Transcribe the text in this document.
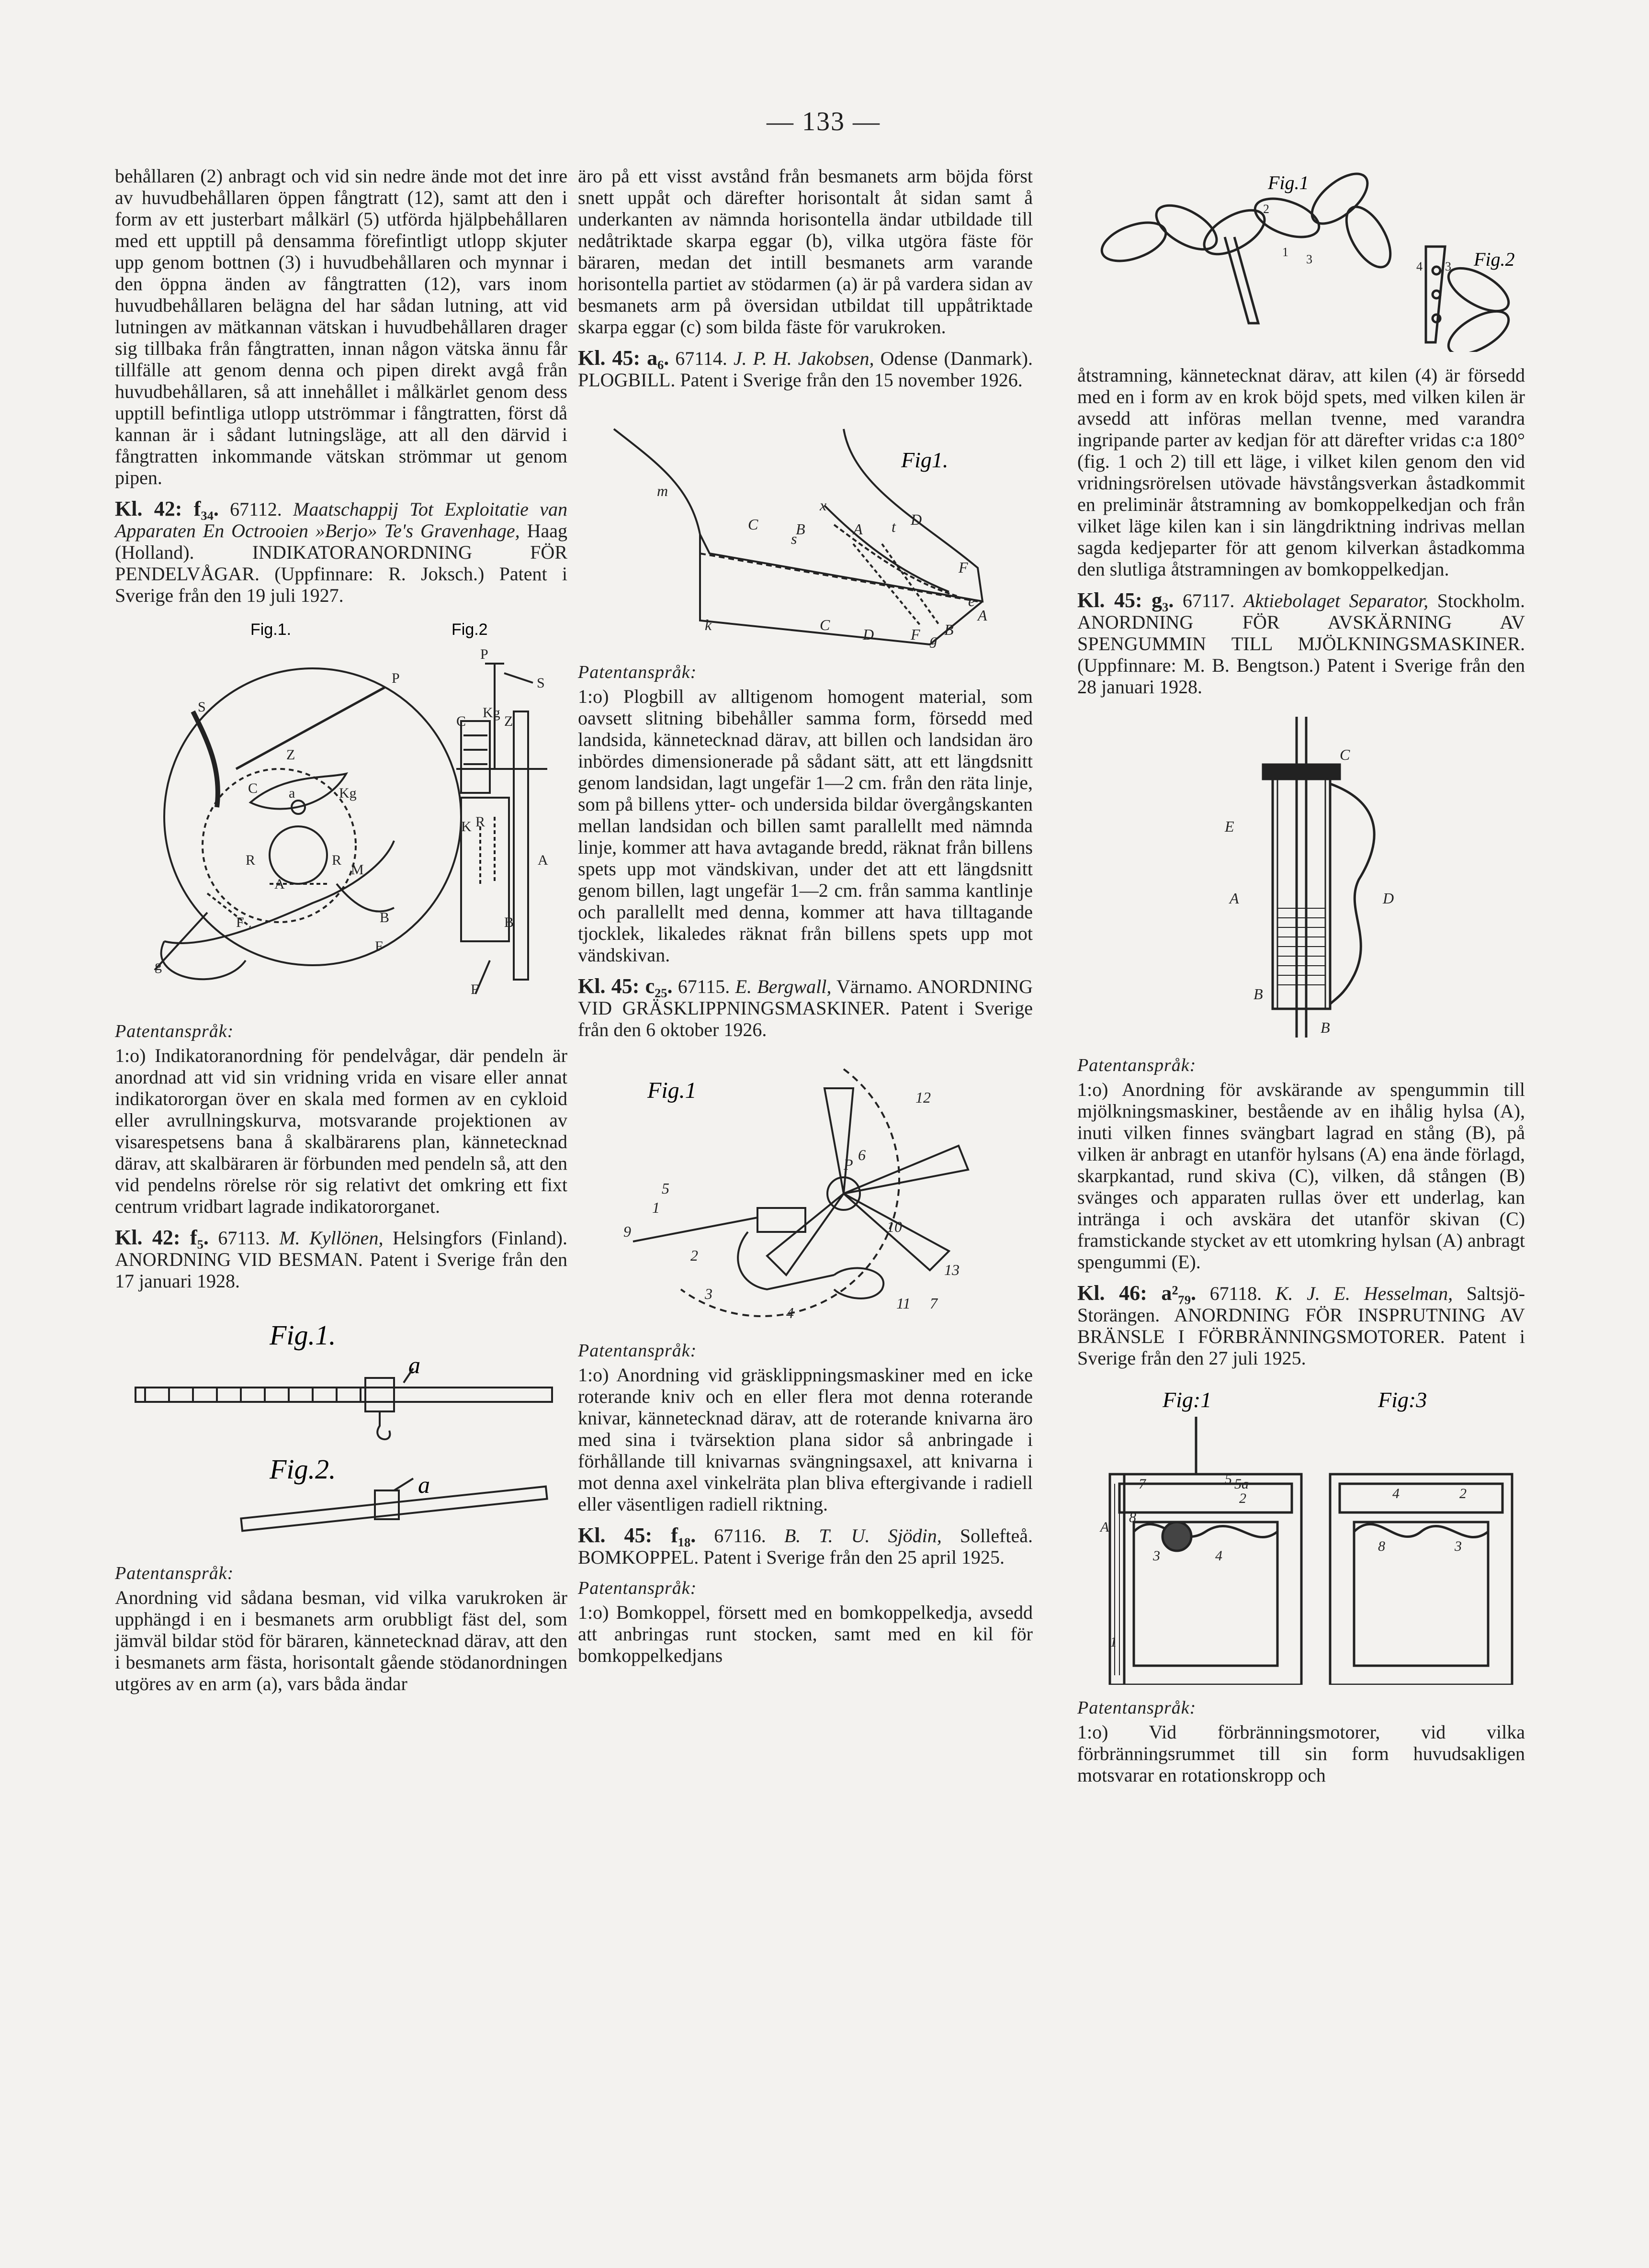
— 133 —

behållaren (2) anbragt och vid sin nedre ände mot det inre av huvudbehållaren öppen fångtratt (12), samt att den i form av ett justerbart målkärl (5) utförda hjälpbehållaren med ett upptill på densamma förefintligt utlopp skjuter upp genom bottnen (3) i huvudbehållaren och mynnar i den öppna änden av fångtratten (12), vars inom huvudbehållaren belägna del har sådan lutning, att vid lutningen av mätkannan vätskan i huvudbehållaren drager sig tillbaka från fångtratten, innan någon vätska ännu får tillfälle att genom denna och pipen direkt avgå från huvudbehållaren, så att innehållet i målkärlet genom dess upptill befintliga utlopp utströmmar i fångtratten, först då kannan är i sådant lutningsläge, att all den därvid i fångtratten inkommande vätskan strömmar ut genom pipen.

Kl. 42: f₃₄. 67112. Maatschappij Tot Exploitatie van Apparaten En Octrooien »Berjo» Te's Gravenhage, Haag (Holland). INDIKATORANORDNING FÖR PENDELVÅGAR. (Uppfinnare: R. Joksch.) Patent i Sverige från den 19 juli 1927.

Fig.1.	Fig.2
P
S
Z
C	Kg
a
R	R
M
A
B
F
F
g
P
S
Z
C
Kg
R
K
A
B
F
Patentanspråk:

1:o) Indikatoranordning för pendelvågar, där pendeln är anordnad att vid sin vridning vrida en visare eller annat indikatororgan över en skala med formen av en cykloid eller avrullningskurva, motsvarande projektionen av visarespetsens bana å skalbärarens plan, kännetecknad därav, att skalbäraren är förbunden med pendeln så, att den vid pendelns rörelse rör sig relativt det omkring ett fixt centrum vridbart lagrade indikatororganet.

Kl. 42: f₅. 67113. M. Kyllönen, Helsingfors (Finland). ANORDNING VID BESMAN. Patent i Sverige från den 17 januari 1928.

Fig.1.
Fig.2.
a
a
Patentanspråk:

Anordning vid sådana besman, vid vilka varukroken är upphängd i en i besmanets arm orubbligt fäst del, som jämväl bildar stöd för bäraren, kännetecknad därav, att den i besmanets arm fästa, horisontalt gående stödanordningen utgöres av en arm (a), vars båda ändar

äro på ett visst avstånd från besmanets arm böjda först snett uppåt och därefter horisontalt åt sidan samt å underkanten av nämnda horisontella ändar utbildade till nedåtriktade skarpa eggar (b), vilka utgöra fäste för bäraren, medan det intill besmanets arm varande horisontella partiet av stödarmen (a) är på vardera sidan av besmanets arm på översidan utbildat till uppåtriktade skarpa eggar (c) som bilda fäste för varukroken.

Kl. 45: a₆. 67114. J. P. H. Jakobsen, Odense (Danmark). PLOGBILL. Patent i Sverige från den 15 november 1926.

Fig1.
m
x
C B	A t D
s
F
e
A
k	C
D F g
B
Patentanspråk:

1:o) Plogbill av alltigenom homogent material, som oavsett slitning bibehåller samma form, försedd med landsida, kännetecknad därav, att billen och landsidan äro inbördes dimensionerade på sådant sätt, att ett längdsnitt genom landsidan, lagt ungefär 1—2 cm. från den räta linje, som på billens ytter- och undersida bildar övergångskanten mellan landsidan och billen samt parallellt med nämnda linje, kommer att hava avtagande bredd, räknat från billens spets upp mot vändskivan, under det att ett längdsnitt genom billen, lagt ungefär 1—2 cm. från samma kantlinje och parallellt med denna, kommer att hava tilltagande tjocklek, likaledes räknat från billens spets upp mot vändskivan.

Kl. 45: c₂₅. 67115. E. Bergwall, Värnamo. ANORDNING VID GRÄSKLIPPNINGSMASKINER. Patent i Sverige från den 6 oktober 1926.

Fig.1
6
12
P
5
1
9
2
3
4
11 7
13
10
Patentanspråk:

1:o) Anordning vid gräsklippningsmaskiner med en icke roterande kniv och en eller flera mot denna roterande knivar, kännetecknad därav, att de roterande knivarna äro med sina i tvärsektion plana sidor så anbringade i förhållande till knivarnas svängningsaxel, att knivarna i mot denna axel vinkelräta plan bliva eftergivande i radiell eller väsentligen radiell riktning.

Kl. 45: f₁₈. 67116. B. T. U. Sjödin, Sollefteå. BOMKOPPEL. Patent i Sverige från den 25 april 1925.

Patentanspråk:

1:o) Bomkoppel, försett med en bomkoppelkedja, avsedd att anbringas runt stocken, samt med en kil för bomkoppelkedjans

Fig.1
Fig.2
2
1
3
4 3

åtstramning, kännetecknat därav, att kilen (4) är försedd med en i form av en krok böjd spets, med vilken kilen är avsedd att införas mellan tvenne, med varandra ingripande parter av kedjan för att därefter vridas c:a 180° (fig. 1 och 2) till ett läge, i vilket kilen genom den vid vridningsrörelsen utövade hävstångsverkan åstadkommit en preliminär åtstramning av bomkoppelkedjan och från vilket läge kilen kan i sin längdriktning indrivas mellan sagda kedjeparter för att genom kilverkan åstadkomma den slutliga åtstramningen av bomkoppelkedjan.

Kl. 45: g₃. 67117. Aktiebolaget Separator, Stockholm. ANORDNING FÖR AVSKÄRNING AV SPENGUMMIN TILL MJÖLKNINGSMASKINER. (Uppfinnare: M. B. Bengtson.) Patent i Sverige från den 28 januari 1928.

C
E
A	D
B
B
Patentanspråk:

1:o) Anordning för avskärande av spengummin till mjölkningsmaskiner, bestående av en ihålig hylsa (A), inuti vilken finnes svängbart lagrad en stång (B), på vilken är anbragt en utanför hylsans (A) ena ände förlagd, skarpkantad, rund skiva (C), vilken, då stången (B) svänges och apparaten rullas över ett underlag, kan intränga i och avskära det utanför skivan (C) framstickande stycket av ett utomkring hylsan (A) anbragt spengummi (E).

Kl. 46: a²₇₉. 67118. K. J. E. Hesselman, Saltsjö-Storängen. ANORDNING FÖR INSPRUTNING AV BRÄNSLE I FÖRBRÄNNINGSMOTORER. Patent i Sverige från den 27 juli 1925.

Fig:1	Fig:3
7	5 5a
2
A
8
4
3
1
4	2
8	3
Patentanspråk:

1:o) Vid förbränningsmotorer, vid vilka förbränningsrummet till sin form huvudsakligen motsvarar en rotationskropp och
